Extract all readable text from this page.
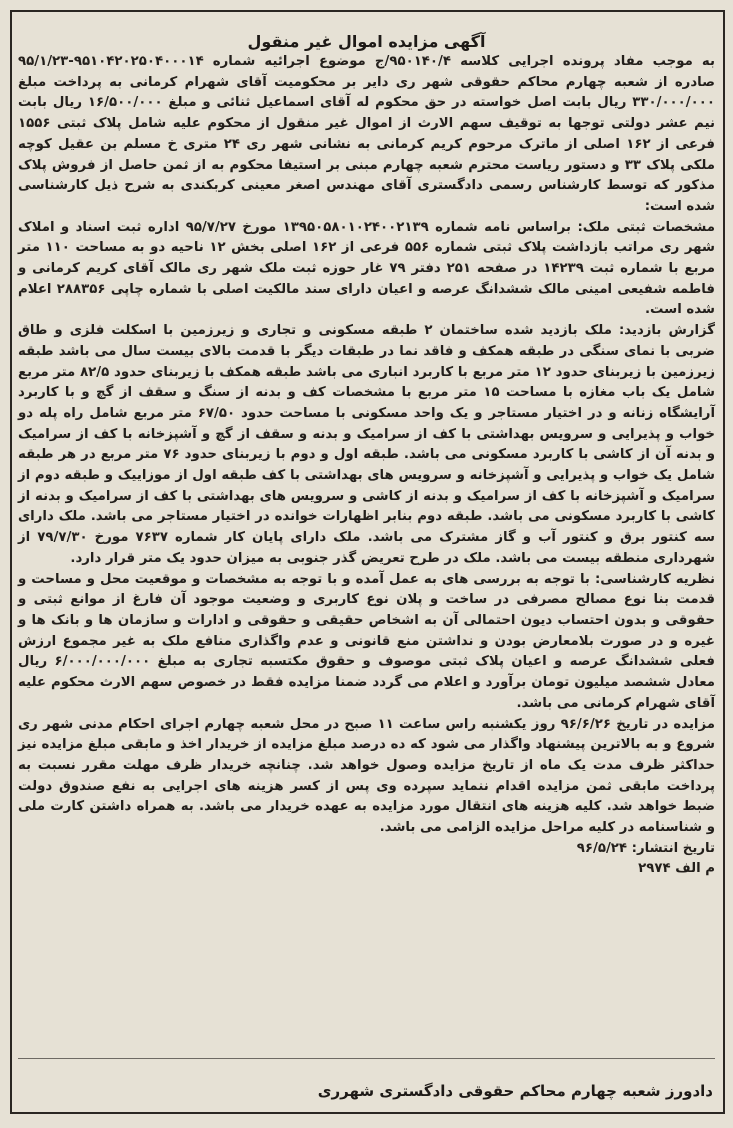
آگهی مزایده اموال غیر منقول

به موجب مفاد پرونده اجرایی کلاسه ۹۵۰۱۴۰/۴/ج موضوع اجرائیه شماره ۹۵۱۰۴۲۰۲۵۰۴۰۰۰۱۴-۹۵/۱/۲۳ صادره از شعبه چهارم محاکم حقوقی شهر ری دایر بر محکومیت آقای شهرام کرمانی به پرداخت مبلغ ۳۳۰/۰۰۰/۰۰۰ ریال بابت اصل خواسته در حق محکوم له آقای اسماعیل ثنائی و مبلغ ۱۶/۵۰۰/۰۰۰ ریال بابت نیم عشر دولتی توجها به توقیف سهم الارث از اموال غیر منقول از محکوم علیه شامل پلاک ثبتی ۱۵۵۶ فرعی از ۱۶۲ اصلی از ماترک مرحوم کریم کرمانی به نشانی شهر ری ۲۴ متری خ مسلم بن عقیل کوچه ملکی پلاک ۳۳ و دستور ریاست محترم شعبه چهارم مبنی بر استیفا محکوم به از ثمن حاصل از فروش پلاک مذکور که توسط کارشناس رسمی دادگستری آقای مهندس اصغر معینی کربکندی به شرح ذیل کارشناسی شده است:

مشخصات ثبتی ملک: براساس نامه شماره ۱۳۹۵۰۵۸۰۱۰۲۴۰۰۲۱۳۹ مورخ ۹۵/۷/۲۷ اداره ثبت اسناد و املاک شهر ری مراتب بازداشت پلاک ثبتی شماره ۵۵۶ فرعی از ۱۶۲ اصلی بخش ۱۲ ناحیه دو به مساحت ۱۱۰ متر مربع با شماره ثبت ۱۴۲۳۹ در صفحه ۲۵۱ دفتر ۷۹ غار حوزه ثبت ملک شهر ری مالک آقای کریم کرمانی و فاطمه شفیعی امینی مالک ششدانگ عرصه و اعیان دارای سند مالکیت اصلی با شماره چاپی ۲۸۸۳۵۶ اعلام شده است.

گزارش بازدید: ملک بازدید شده ساختمان ۲ طبقه مسکونی و تجاری و زیرزمین با اسکلت فلزی و طاق ضربی با نمای سنگی در طبقه همکف و فاقد نما در طبقات دیگر با قدمت بالای بیست سال می باشد طبقه زیرزمین با زیربنای حدود ۱۲ متر مربع با کاربرد انباری می باشد طبقه همکف با زیربنای حدود ۸۲/۵ متر مربع شامل یک باب مغازه با مساحت ۱۵ متر مربع با مشخصات کف و بدنه از سنگ و سقف از گچ و با کاربرد آرایشگاه زنانه و در اختیار مستاجر و یک واحد مسکونی با مساحت حدود ۶۷/۵۰ متر مربع شامل راه پله دو خواب و پذیرایی و سرویس بهداشتی با کف از سرامیک و بدنه و سقف از گچ و آشپزخانه با کف از سرامیک و بدنه آن از کاشی با کاربرد مسکونی می باشد. طبقه اول و دوم با زیربنای حدود ۷۶ متر مربع در هر طبقه شامل یک خواب و پذیرایی و آشپزخانه و سرویس های بهداشتی با کف طبقه اول از موزاییک و طبقه دوم از سرامیک و آشپزخانه با کف از سرامیک و بدنه از کاشی و سرویس های بهداشتی با کف از سرامیک و بدنه از کاشی با کاربرد مسکونی می باشد. طبقه دوم بنابر اظهارات خوانده در اختیار مستاجر می باشد. ملک دارای سه کنتور برق و کنتور آب و گاز مشترک می باشد. ملک دارای پایان کار شماره ۷۶۳۷ مورخ ۷۹/۷/۳۰ از شهرداری منطقه بیست می باشد. ملک در طرح تعریض گذر جنوبی به میزان حدود یک متر قرار دارد.

نظریه کارشناسی: با توجه به بررسی های به عمل آمده و با توجه به مشخصات و موقعیت محل و مساحت و قدمت بنا نوع مصالح مصرفی در ساخت و پلان نوع کاربری و وضعیت موجود آن فارغ از موانع ثبتی و حقوقی و بدون احتساب دیون احتمالی آن به اشخاص حقیقی و حقوقی و ادارات و سازمان ها و بانک ها و غیره و در صورت بلامعارض بودن و نداشتن منع قانونی و عدم واگذاری منافع ملک به غیر مجموع ارزش فعلی ششدانگ عرصه و اعیان پلاک ثبتی موصوف و حقوق مکتسبه تجاری به مبلغ ۶/۰۰۰/۰۰۰/۰۰۰ ریال معادل ششصد میلیون تومان برآورد و اعلام می گردد ضمنا مزایده فقط در خصوص سهم الارث محکوم علیه آقای شهرام کرمانی می باشد.

مزایده در تاریخ ۹۶/۶/۲۶ روز یکشنبه راس ساعت ۱۱ صبح در محل شعبه چهارم اجرای احکام مدنی شهر ری شروع و به بالاترین پیشنهاد واگذار می شود که ده درصد مبلغ مزایده از خریدار اخذ و مابقی مبلغ مزایده نیز حداکثر ظرف مدت یک ماه از تاریخ مزایده وصول خواهد شد. چنانچه خریدار ظرف مهلت مقرر نسبت به پرداخت مابقی ثمن مزایده اقدام ننماید سپرده وی پس از کسر هزینه های اجرایی به نفع صندوق دولت ضبط خواهد شد. کلیه هزینه های انتقال مورد مزایده به عهده خریدار می باشد. به همراه داشتن کارت ملی و شناسنامه در کلیه مراحل مزایده الزامی می باشد.

تاریخ انتشار: ۹۶/۵/۲۴

م الف ۲۹۷۴

دادورز شعبه چهارم محاکم حقوقی دادگستری شهرری
